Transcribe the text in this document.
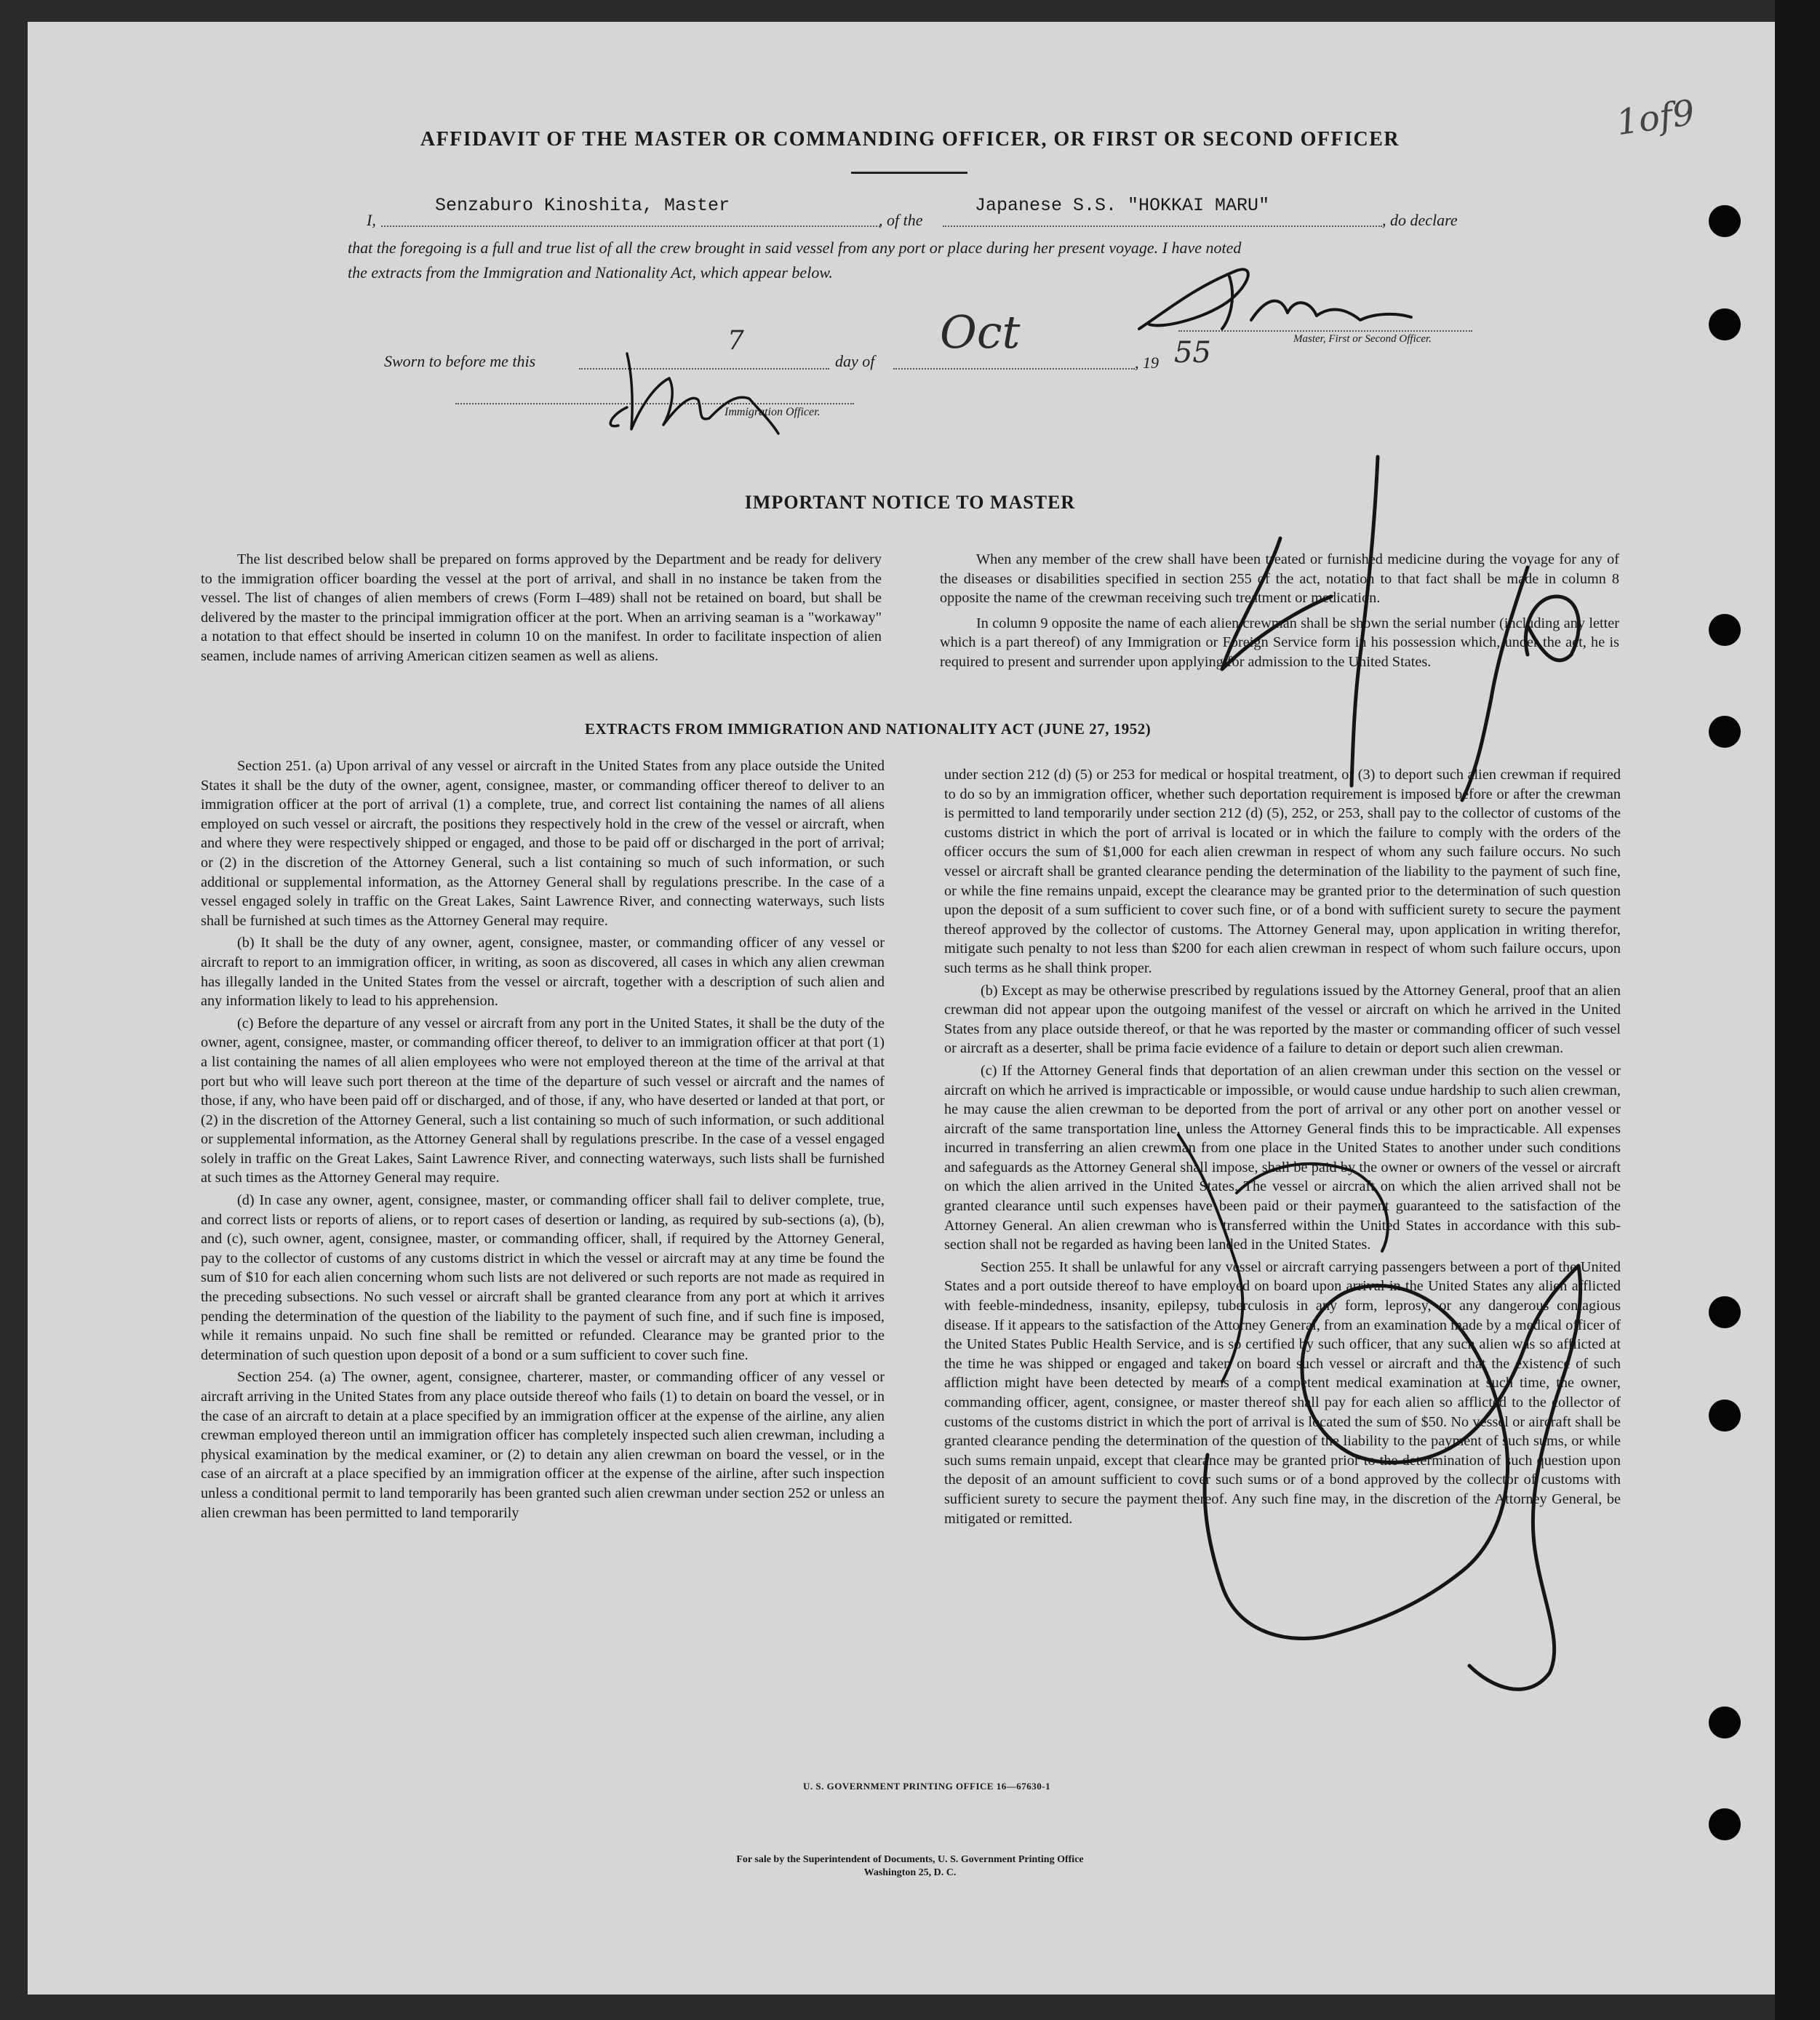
AFFIDAVIT OF THE MASTER OR COMMANDING OFFICER, OR FIRST OR SECOND OFFICER
I,
Senzaburo Kinoshita, Master
, of the
Japanese S.S. "HOKKAI MARU"
, do declare
that the foregoing is a full and true list of all the crew brought in said vessel from any port or place during her present voyage. I have noted
the extracts from the Immigration and Nationality Act, which appear below.
Sworn to before me this
7
day of
Oct
, 19 55	Master, First or Second Officer.
Immigration Officer.
1of9
IMPORTANT NOTICE TO MASTER

The list described below shall be prepared on forms approved by the Department and be ready for delivery to the immigration officer boarding the vessel at the port of arrival, and shall in no instance be taken from the vessel. The list of changes of alien members of crews (Form I–489) shall not be retained on board, but shall be delivered by the master to the principal immigration officer at the port. When an arriving seaman is a "workaway" a notation to that effect should be inserted in column 10 on the manifest. In order to facilitate inspection of alien seamen, include names of arriving American citizen seamen as well as aliens.

When any member of the crew shall have been treated or furnished medicine during the voyage for any of the diseases or disabilities specified in section 255 of the act, notation to that fact shall be made in column 8 opposite the name of the crewman receiving such treatment or medication.

In column 9 opposite the name of each alien crewman shall be shown the serial number (including any letter which is a part thereof) of any Immigration or Foreign Service form in his possession which, under the act, he is required to present and surrender upon applying for admission to the United States.

EXTRACTS FROM IMMIGRATION AND NATIONALITY ACT (JUNE 27, 1952)

Section 251. (a) Upon arrival of any vessel or aircraft in the United States from any place outside the United States it shall be the duty of the owner, agent, consignee, master, or commanding officer thereof to deliver to an immigration officer at the port of arrival (1) a complete, true, and correct list containing the names of all aliens employed on such vessel or aircraft, the positions they respectively hold in the crew of the vessel or aircraft, when and where they were respectively shipped or engaged, and those to be paid off or discharged in the port of arrival; or (2) in the discretion of the Attorney General, such a list containing so much of such information, or such additional or supplemental information, as the Attorney General shall by regulations prescribe. In the case of a vessel engaged solely in traffic on the Great Lakes, Saint Lawrence River, and connecting waterways, such lists shall be furnished at such times as the Attorney General may require.

(b) It shall be the duty of any owner, agent, consignee, master, or commanding officer of any vessel or aircraft to report to an immigration officer, in writing, as soon as discovered, all cases in which any alien crewman has illegally landed in the United States from the vessel or aircraft, together with a description of such alien and any information likely to lead to his apprehension.

(c) Before the departure of any vessel or aircraft from any port in the United States, it shall be the duty of the owner, agent, consignee, master, or commanding officer thereof, to deliver to an immigration officer at that port (1) a list containing the names of all alien employees who were not employed thereon at the time of the arrival at that port but who will leave such port thereon at the time of the departure of such vessel or aircraft and the names of those, if any, who have been paid off or discharged, and of those, if any, who have deserted or landed at that port, or (2) in the discretion of the Attorney General, such a list containing so much of such information, or such additional or supplemental information, as the Attorney General shall by regulations prescribe. In the case of a vessel engaged solely in traffic on the Great Lakes, Saint Lawrence River, and connecting waterways, such lists shall be furnished at such times as the Attorney General may require.

(d) In case any owner, agent, consignee, master, or commanding officer shall fail to deliver complete, true, and correct lists or reports of aliens, or to report cases of desertion or landing, as required by sub-sections (a), (b), and (c), such owner, agent, consignee, master, or commanding officer, shall, if required by the Attorney General, pay to the collector of customs of any customs district in which the vessel or aircraft may at any time be found the sum of $10 for each alien concerning whom such lists are not delivered or such reports are not made as required in the preceding subsections. No such vessel or aircraft shall be granted clearance from any port at which it arrives pending the determination of the question of the liability to the payment of such fine, and if such fine is imposed, while it remains unpaid. No such fine shall be remitted or refunded. Clearance may be granted prior to the determination of such question upon deposit of a bond or a sum sufficient to cover such fine.

Section 254. (a) The owner, agent, consignee, charterer, master, or commanding officer of any vessel or aircraft arriving in the United States from any place outside thereof who fails (1) to detain on board the vessel, or in the case of an aircraft to detain at a place specified by an immigration officer at the expense of the airline, any alien crewman employed thereon until an immigration officer has completely inspected such alien crewman, including a physical examination by the medical examiner, or (2) to detain any alien crewman on board the vessel, or in the case of an aircraft at a place specified by an immigration officer at the expense of the airline, after such inspection unless a conditional permit to land temporarily has been granted such alien crewman under section 252 or unless an alien crewman has been permitted to land temporarily

under section 212 (d) (5) or 253 for medical or hospital treatment, or (3) to deport such alien crewman if required to do so by an immigration officer, whether such deportation requirement is imposed before or after the crewman is permitted to land temporarily under section 212 (d) (5), 252, or 253, shall pay to the collector of customs of the customs district in which the port of arrival is located or in which the failure to comply with the orders of the officer occurs the sum of $1,000 for each alien crewman in respect of whom any such failure occurs. No such vessel or aircraft shall be granted clearance pending the determination of the liability to the payment of such fine, or while the fine remains unpaid, except the clearance may be granted prior to the determination of such question upon the deposit of a sum sufficient to cover such fine, or of a bond with sufficient surety to secure the payment thereof approved by the collector of customs. The Attorney General may, upon application in writing therefor, mitigate such penalty to not less than $200 for each alien crewman in respect of whom such failure occurs, upon such terms as he shall think proper.

(b) Except as may be otherwise prescribed by regulations issued by the Attorney General, proof that an alien crewman did not appear upon the outgoing manifest of the vessel or aircraft on which he arrived in the United States from any place outside thereof, or that he was reported by the master or commanding officer of such vessel or aircraft as a deserter, shall be prima facie evidence of a failure to detain or deport such alien crewman.

(c) If the Attorney General finds that deportation of an alien crewman under this section on the vessel or aircraft on which he arrived is impracticable or impossible, or would cause undue hardship to such alien crewman, he may cause the alien crewman to be deported from the port of arrival or any other port on another vessel or aircraft of the same transportation line, unless the Attorney General finds this to be impracticable. All expenses incurred in transferring an alien crewman from one place in the United States to another under such conditions and safeguards as the Attorney General shall impose, shall be paid by the owner or owners of the vessel or aircraft on which the alien arrived in the United States. The vessel or aircraft on which the alien arrived shall not be granted clearance until such expenses have been paid or their payment guaranteed to the satisfaction of the Attorney General. An alien crewman who is transferred within the United States in accordance with this sub-section shall not be regarded as having been landed in the United States.

Section 255. It shall be unlawful for any vessel or aircraft carrying passengers between a port of the United States and a port outside thereof to have employed on board upon arrival in the United States any alien afflicted with feeble-mindedness, insanity, epilepsy, tuberculosis in any form, leprosy, or any dangerous contagious disease. If it appears to the satisfaction of the Attorney General, from an examination made by a medical officer of the United States Public Health Service, and is so certified by such officer, that any such alien was so afflicted at the time he was shipped or engaged and taken on board such vessel or aircraft and that the existence of such affliction might have been detected by means of a competent medical examination at such time, the owner, commanding officer, agent, consignee, or master thereof shall pay for each alien so afflicted to the collector of customs of the customs district in which the port of arrival is located the sum of $50. No vessel or aircraft shall be granted clearance pending the determination of the question of the liability to the payment of such sums, or while such sums remain unpaid, except that clearance may be granted prior to the determination of such question upon the deposit of an amount sufficient to cover such sums or of a bond approved by the collector of customs with sufficient surety to secure the payment thereof. Any such fine may, in the discretion of the Attorney General, be mitigated or remitted.

U. S. GOVERNMENT PRINTING OFFICE 16—67630-1
For sale by the Superintendent of Documents, U. S. Government Printing Office
Washington 25, D. C.
